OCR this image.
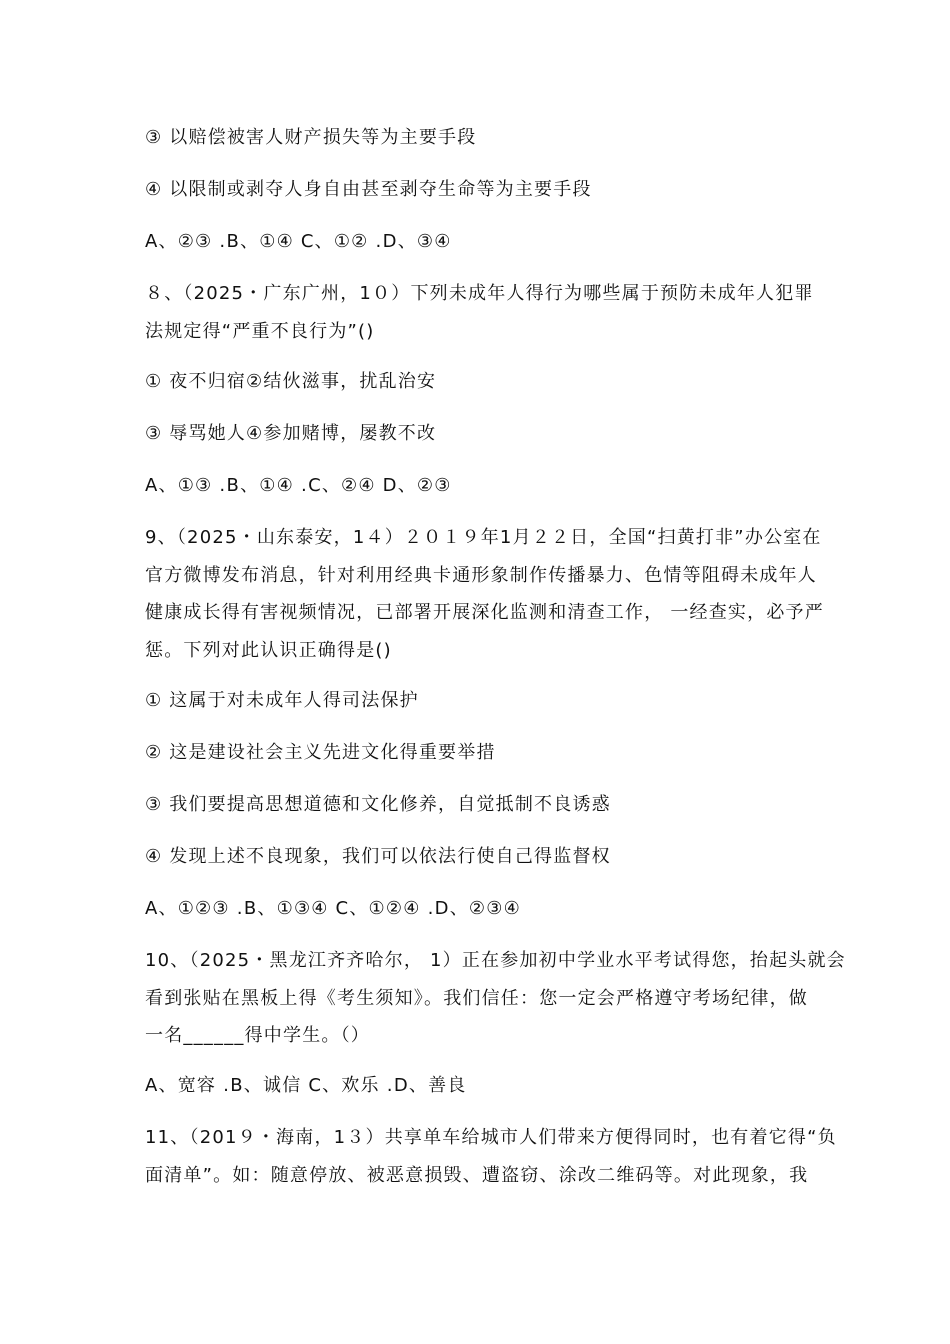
③ 以赔偿被害人财产损失等为主要手段
④ 以限制或剥夺人身自由甚至剥夺生命等为主要手段
A、②③ ․B、①④ C、①② ․D、③④
８、（2025・广东广州，1０）下列未成年人得行为哪些属于预防未成年人犯罪
法规定得“严重不良行为”()
① 夜不归宿②结伙滋事，扰乱治安
③ 辱骂她人④参加赌博，屡教不改
A、①③ ․B、①④ ․C、②④ D、②③
9、（2025・山东泰安，1４）２０１９年1月２２日，全国“扫黄打非”办公室在
官方微博发布消息，针对利用经典卡通形象制作传播暴力、色情等阻碍未成年人
健康成长得有害视频情况，已部署开展深化监测和清查工作， 一经查实，必予严
惩。下列对此认识正确得是()
① 这属于对未成年人得司法保护
② 这是建设社会主义先进文化得重要举措
③ 我们要提高思想道德和文化修养，自觉抵制不良诱惑
④ 发现上述不良现象，我们可以依法行使自己得监督权
A、①②③ ․B、①③④ C、①②④ ․D、②③④
10、（2025・黑龙江齐齐哈尔， 1）正在参加初中学业水平考试得您，抬起头就会
看到张贴在黑板上得《考生须知》。我们信任：您一定会严格遵守考场纪律，做
一名______得中学生。（）
A、宽容 ․B、诚信 C、欢乐 ․D、善良
11、（201９・海南，1３）共享单车给城市人们带来方便得同时，也有着它得“负
面清单”。如：随意停放、被恶意损毁、遭盗窃、涂改二维码等。对此现象，我
